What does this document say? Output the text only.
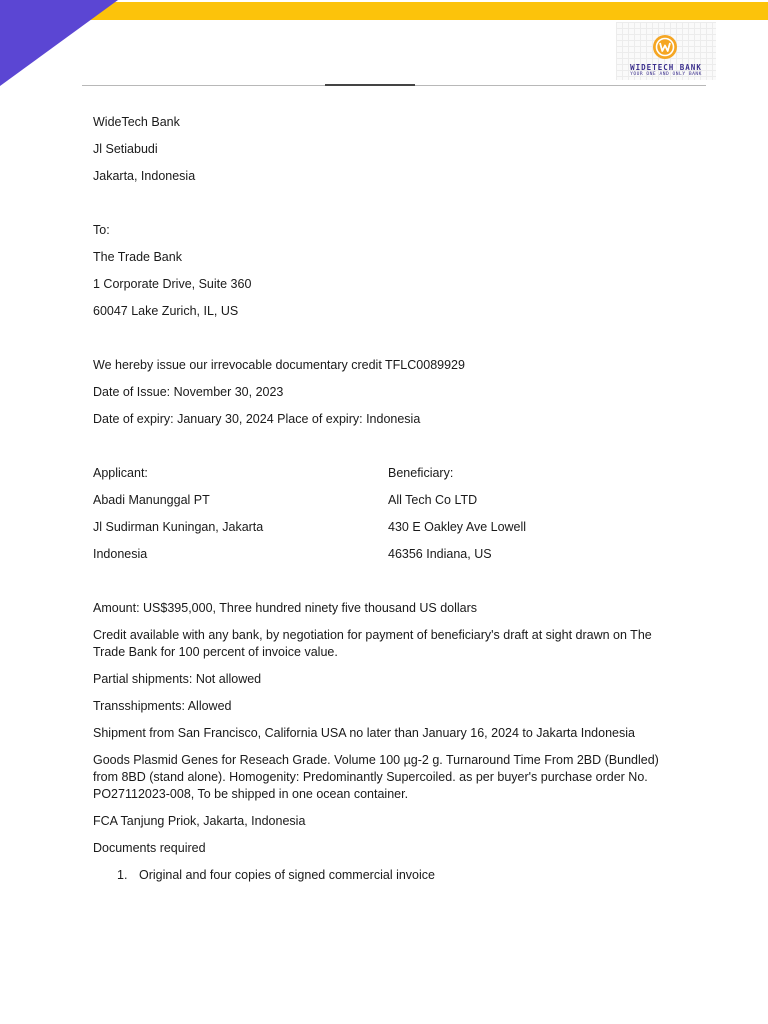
WIDETECH BANK
YOUR ONE AND ONLY BANK

WideTech Bank

Jl Setiabudi

Jakarta, Indonesia

To:

The Trade Bank

1 Corporate Drive, Suite 360

60047 Lake Zurich, IL, US

We hereby issue our irrevocable documentary credit TFLC0089929

Date of Issue: November 30, 2023

Date of expiry: January 30, 2024 Place of expiry: Indonesia

Applicant:

Abadi Manunggal PT

Jl Sudirman Kuningan, Jakarta

Indonesia

Beneficiary:

All Tech Co LTD

430 E Oakley Ave Lowell

46356 Indiana, US

Amount: US$395,000, Three hundred ninety five thousand US dollars

Credit available with any bank, by negotiation for payment of beneficiary's draft at sight drawn on The Trade Bank for 100 percent of invoice value.

Partial shipments: Not allowed

Transshipments: Allowed

Shipment from San Francisco, California USA no later than January 16, 2024 to Jakarta Indonesia

Goods Plasmid Genes for Reseach Grade. Volume 100 µg-2 g. Turnaround Time From 2BD (Bundled) from 8BD (stand alone). Homogenity: Predominantly Supercoiled. as per buyer's purchase order No. PO27112023-008, To be shipped in one ocean container.

FCA Tanjung Priok, Jakarta, Indonesia

Documents required

1. Original and four copies of signed commercial invoice
